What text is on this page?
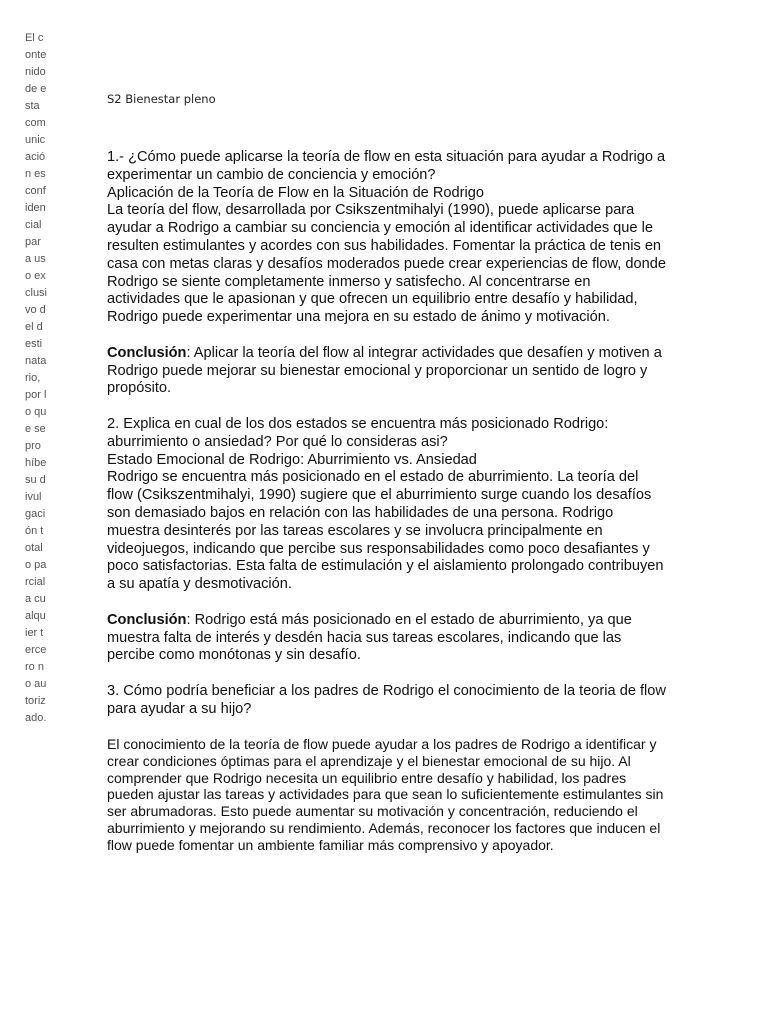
El contenido de esta comunicación es confidencial para uso exclusivo del destinatario, por lo que se prohíbe su divulgación total o parcial a cualquier tercero no autorizado.
S2 Bienestar pleno

1.- ¿Cómo puede aplicarse la teoría de flow en esta situación para ayudar a Rodrigo a experimentar un cambio de conciencia y emoción?

Aplicación de la Teoría de Flow en la Situación de Rodrigo

La teoría del flow, desarrollada por Csikszentmihalyi (1990), puede aplicarse para ayudar a Rodrigo a cambiar su conciencia y emoción al identificar actividades que le resulten estimulantes y acordes con sus habilidades. Fomentar la práctica de tenis en casa con metas claras y desafíos moderados puede crear experiencias de flow, donde Rodrigo se siente completamente inmerso y satisfecho. Al concentrarse en actividades que le apasionan y que ofrecen un equilibrio entre desafío y habilidad, Rodrigo puede experimentar una mejora en su estado de ánimo y motivación.

Conclusión: Aplicar la teoría del flow al integrar actividades que desafíen y motiven a Rodrigo puede mejorar su bienestar emocional y proporcionar un sentido de logro y propósito.

2. Explica en cual de los dos estados se encuentra más posicionado Rodrigo: aburrimiento o ansiedad? Por qué lo consideras asi?

Estado Emocional de Rodrigo: Aburrimiento vs. Ansiedad

Rodrigo se encuentra más posicionado en el estado de aburrimiento. La teoría del flow (Csikszentmihalyi, 1990) sugiere que el aburrimiento surge cuando los desafíos son demasiado bajos en relación con las habilidades de una persona. Rodrigo muestra desinterés por las tareas escolares y se involucra principalmente en videojuegos, indicando que percibe sus responsabilidades como poco desafiantes y poco satisfactorias. Esta falta de estimulación y el aislamiento prolongado contribuyen a su apatía y desmotivación.

Conclusión: Rodrigo está más posicionado en el estado de aburrimiento, ya que muestra falta de interés y desdén hacia sus tareas escolares, indicando que las percibe como monótonas y sin desafío.

3. Cómo podría beneficiar a los padres de Rodrigo el conocimiento de la teoria de flow para ayudar a su hijo?

El conocimiento de la teoría de flow puede ayudar a los padres de Rodrigo a identificar y crear condiciones óptimas para el aprendizaje y el bienestar emocional de su hijo. Al comprender que Rodrigo necesita un equilibrio entre desafío y habilidad, los padres pueden ajustar las tareas y actividades para que sean lo suficientemente estimulantes sin ser abrumadoras. Esto puede aumentar su motivación y concentración, reduciendo el aburrimiento y mejorando su rendimiento. Además, reconocer los factores que inducen el flow puede fomentar un ambiente familiar más comprensivo y apoyador.
